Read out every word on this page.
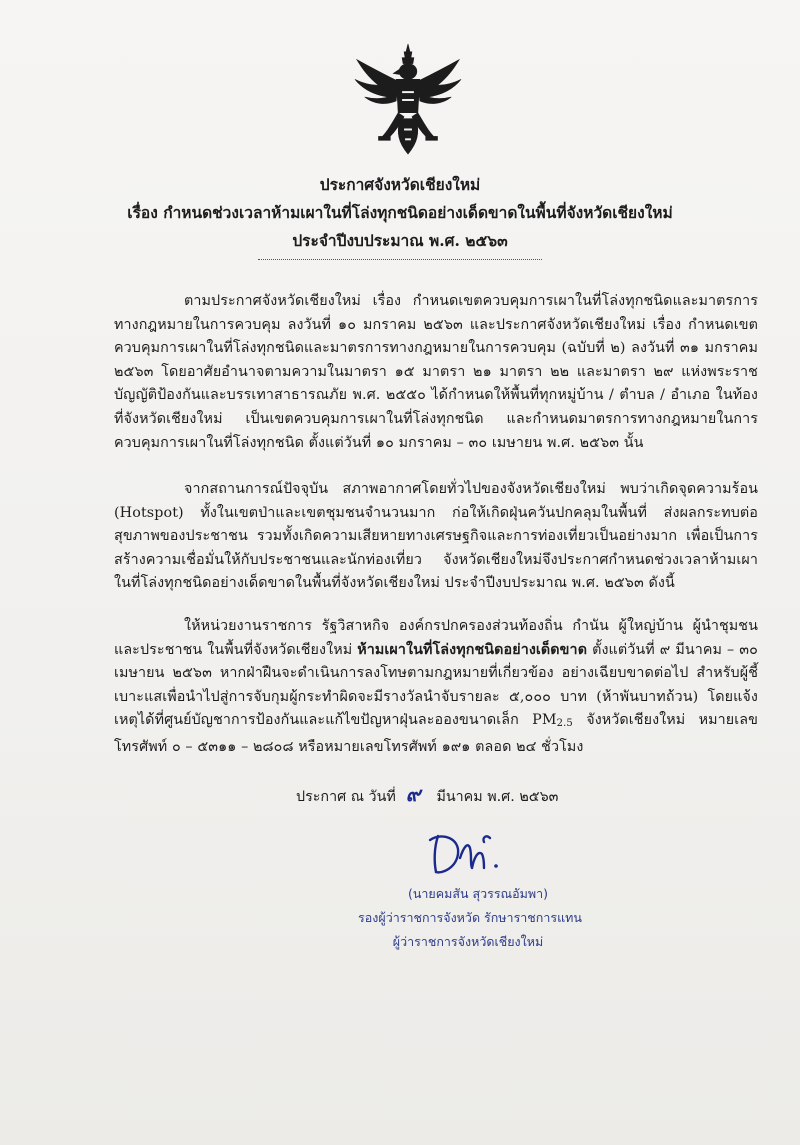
ประกาศจังหวัดเชียงใหม่
เรื่อง กำหนดช่วงเวลาห้ามเผาในที่โล่งทุกชนิดอย่างเด็ดขาดในพื้นที่จังหวัดเชียงใหม่
ประจำปีงบประมาณ พ.ศ. ๒๕๖๓
ตามประกาศจังหวัดเชียงใหม่ เรื่อง กำหนดเขตควบคุมการเผาในที่โล่งทุกชนิดและมาตรการทางกฎหมายในการควบคุม ลงวันที่ ๑๐ มกราคม ๒๕๖๓ และประกาศจังหวัดเชียงใหม่ เรื่อง กำหนดเขตควบคุมการเผาในที่โล่งทุกชนิดและมาตรการทางกฎหมายในการควบคุม (ฉบับที่ ๒) ลงวันที่ ๓๑ มกราคม ๒๕๖๓ โดยอาศัยอำนาจตามความในมาตรา ๑๕ มาตรา ๒๑ มาตรา ๒๒ และมาตรา ๒๙ แห่งพระราชบัญญัติป้องกันและบรรเทาสาธารณภัย พ.ศ. ๒๕๕๐ ได้กำหนดให้พื้นที่ทุกหมู่บ้าน / ตำบล / อำเภอ ในท้องที่จังหวัดเชียงใหม่ เป็นเขตควบคุมการเผาในที่โล่งทุกชนิด และกำหนดมาตรการทางกฎหมายในการควบคุมการเผาในที่โล่งทุกชนิด ตั้งแต่วันที่ ๑๐ มกราคม – ๓๐ เมษายน พ.ศ. ๒๕๖๓ นั้น
จากสถานการณ์ปัจจุบัน สภาพอากาศโดยทั่วไปของจังหวัดเชียงใหม่ พบว่าเกิดจุดความร้อน (Hotspot) ทั้งในเขตป่าและเขตชุมชนจำนวนมาก ก่อให้เกิดฝุ่นควันปกคลุมในพื้นที่ ส่งผลกระทบต่อสุขภาพของประชาชน รวมทั้งเกิดความเสียหายทางเศรษฐกิจและการท่องเที่ยวเป็นอย่างมาก เพื่อเป็นการสร้างความเชื่อมั่นให้กับประชาชนและนักท่องเที่ยว จังหวัดเชียงใหม่จึงประกาศกำหนดช่วงเวลาห้ามเผาในที่โล่งทุกชนิดอย่างเด็ดขาดในพื้นที่จังหวัดเชียงใหม่ ประจำปีงบประมาณ พ.ศ. ๒๕๖๓ ดังนี้
ให้หน่วยงานราชการ รัฐวิสาหกิจ องค์กรปกครองส่วนท้องถิ่น กำนัน ผู้ใหญ่บ้าน ผู้นำชุมชนและประชาชน ในพื้นที่จังหวัดเชียงใหม่ ห้ามเผาในที่โล่งทุกชนิดอย่างเด็ดขาด ตั้งแต่วันที่ ๙ มีนาคม – ๓๐ เมษายน ๒๕๖๓ หากฝ่าฝืนจะดำเนินการลงโทษตามกฎหมายที่เกี่ยวข้อง อย่างเฉียบขาดต่อไป สำหรับผู้ชี้เบาะแสเพื่อนำไปสู่การจับกุมผู้กระทำผิดจะมีรางวัลนำจับรายละ ๕,๐๐๐ บาท (ห้าพันบาทถ้วน) โดยแจ้งเหตุได้ที่ศูนย์บัญชาการป้องกันและแก้ไขปัญหาฝุ่นละอองขนาดเล็ก $PM_{2.5}$ จังหวัดเชียงใหม่ หมายเลขโทรศัพท์ ๐ – ๕๓๑๑ – ๒๘๐๘ หรือหมายเลขโทรศัพท์ ๑๙๑ ตลอด ๒๔ ชั่วโมง
ประกาศ ณ วันที่ ๙ มีนาคม พ.ศ. ๒๕๖๓
(นายคมสัน สุวรรณอัมพา)
รองผู้ว่าราชการจังหวัด รักษาราชการแทน
ผู้ว่าราชการจังหวัดเชียงใหม่
